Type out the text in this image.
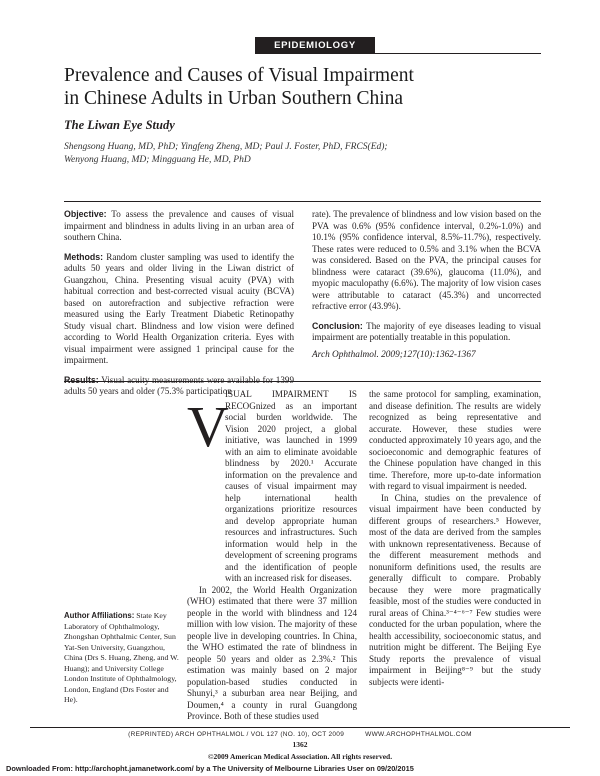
EPIDEMIOLOGY
Prevalence and Causes of Visual Impairment
in Chinese Adults in Urban Southern China
The Liwan Eye Study
Shengsong Huang, MD, PhD; Yingfeng Zheng, MD; Paul J. Foster, PhD, FRCS(Ed);
Wenyong Huang, MD; Mingguang He, MD, PhD

Objective: To assess the prevalence and causes of visual impairment and blindness in adults living in an urban area of southern China.

Methods: Random cluster sampling was used to identify the adults 50 years and older living in the Liwan district of Guangzhou, China. Presenting visual acuity (PVA) with habitual correction and best-corrected visual acuity (BCVA) based on autorefraction and subjective refraction were measured using the Early Treatment Diabetic Retinopathy Study visual chart. Blindness and low vision were defined according to World Health Organization criteria. Eyes with visual impairment were assigned 1 principal cause for the impairment.

Results: Visual acuity measurements were available for 1399 adults 50 years and older (75.3% participation

rate). The prevalence of blindness and low vision based on the PVA was 0.6% (95% confidence interval, 0.2%-1.0%) and 10.1% (95% confidence interval, 8.5%-11.7%), respectively. These rates were reduced to 0.5% and 3.1% when the BCVA was considered. Based on the PVA, the principal causes for blindness were cataract (39.6%), glaucoma (11.0%), and myopic maculopathy (6.6%). The majority of low vision cases were attributable to cataract (45.3%) and uncorrected refractive error (43.9%).

Conclusion: The majority of eye diseases leading to visual impairment are potentially treatable in this population.

Arch Ophthalmol. 2009;127(10):1362-1367
V

ISUAL IMPAIRMENT IS RECOGnized as an important social burden worldwide. The Vision 2020 project, a global initiative, was launched in 1999 with an aim to eliminate avoidable blindness by 2020.¹ Accurate information on the prevalence and causes of visual impairment may help international health organizations prioritize resources and develop appropriate human resources and infrastructures. Such information would help in the development of screening programs and the identification of people with an increased risk for diseases.

In 2002, the World Health Organization (WHO) estimated that there were 37 million people in the world with blindness and 124 million with low vision. The majority of these people live in developing countries. In China, the WHO estimated the rate of blindness in people 50 years and older as 2.3%.² This estimation was mainly based on 2 major population-based studies conducted in Shunyi,³ a suburban area near Beijing, and Doumen,⁴ a county in rural Guangdong Province. Both of these studies used

the same protocol for sampling, examination, and disease definition. The results are widely recognized as being representative and accurate. However, these studies were conducted approximately 10 years ago, and the socioeconomic and demographic features of the Chinese population have changed in this time. Therefore, more up-to-date information with regard to visual impairment is needed.

In China, studies on the prevalence of visual impairment have been conducted by different groups of researchers.⁵ However, most of the data are derived from the samples with unknown representativeness. Because of the different measurement methods and nonuniform definitions used, the results are generally difficult to compare. Probably because they were more pragmatically feasible, most of the studies were conducted in rural areas of China.³⁻⁴⁻⁶⁻⁷ Few studies were conducted for the urban population, where the health accessibility, socioeconomic status, and nutrition might be different. The Beijing Eye Study reports the prevalence of visual impairment in Beijing⁸⁻⁹ but the study subjects were identi-

Author Affiliations: State Key Laboratory of Ophthalmology, Zhongshan Ophthalmic Center, Sun Yat-Sen University, Guangzhou, China (Drs S. Huang, Zheng, and W. Huang); and University College London Institute of Ophthalmology, London, England (Drs Foster and He).
(REPRINTED) ARCH OPHTHALMOL / VOL 127 (NO. 10), OCT 2009          WWW.ARCHOPHTHALMOL.COM
1362
©2009 American Medical Association. All rights reserved.
Downloaded From: http://archopht.jamanetwork.com/ by a The University of Melbourne Libraries User on 09/20/2015
